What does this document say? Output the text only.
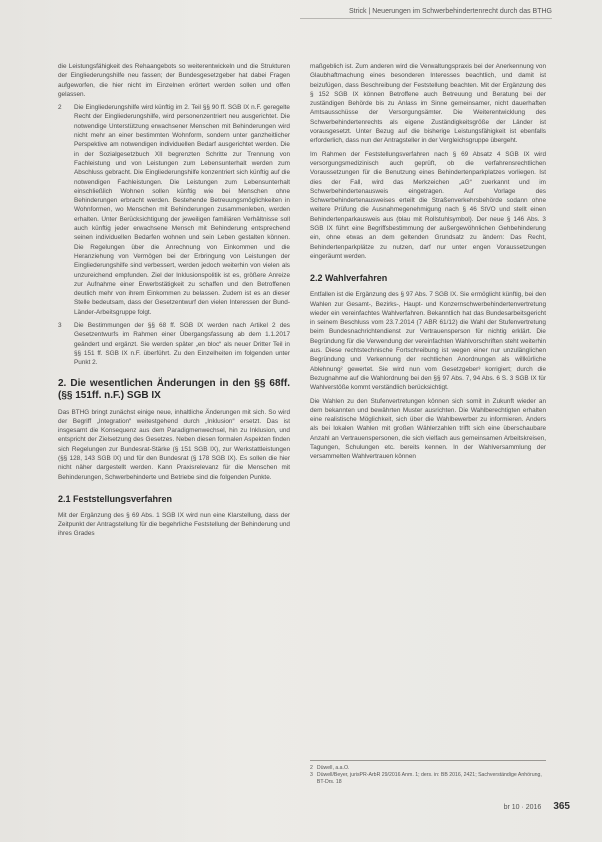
Strick | Neuerungen im Schwerbehindertenrecht durch das BTHG

die Leistungsfähigkeit des Rehaangebots so weiterentwickeln und die Strukturen der Eingliederungshilfe neu fassen; der Bundesgesetzgeber hat dabei Fragen aufgeworfen, die hier nicht im Einzelnen erörtert werden sollen und offen gelassen.

2	Die Eingliederungshilfe wird künftig im 2. Teil §§ 90 ff. SGB IX n.F. geregelte Recht der Eingliederungshilfe, wird personenzentriert neu ausgerichtet. Die notwendige Unterstützung erwachsener Menschen mit Behinderungen wird nicht mehr an einer bestimmten Wohnform, sondern unter ganzheitlicher Perspektive am notwendigen individuellen Bedarf ausgerichtet werden. Die in der Sozialgesetzbuch XII begrenzten Schritte zur Trennung von Fachleistung und von Leistungen zum Lebensunterhalt werden zum Abschluss gebracht. Die Eingliederungshilfe konzentriert sich künftig auf die notwendigen Fachleistungen. Die Leistungen zum Lebensunterhalt einschließlich Wohnen sollen künftig wie bei Menschen ohne Behinderungen erbracht werden. Bestehende Betreuungsmöglichkeiten in Wohnformen, wo Menschen mit Behinderungen zusammenleben, werden erhalten. Unter Berücksichtigung der jeweiligen familiären Verhältnisse soll auch künftig jeder erwachsene Mensch mit Behinderung entsprechend seinen individuellen Bedarfen wohnen und sein Leben gestalten können. Die Regelungen über die Anrechnung von Einkommen und die Heranziehung von Vermögen bei der Erbringung von Leistungen der Eingliederungshilfe sind verbessert, werden jedoch weiterhin von vielen als unzureichend empfunden. Ziel der Inklusionspolitik ist es, größere Anreize zur Aufnahme einer Erwerbstätigkeit zu schaffen und den Betroffenen deutlich mehr von ihrem Einkommen zu belassen. Zudem ist es an dieser Stelle bedeutsam, dass der Gesetzentwurf den vielen Interessen der Bund-Länder-Arbeitsgruppe folgt.
3	Die Bestimmungen der §§ 68 ff. SGB IX werden nach Artikel 2 des Gesetzentwurfs im Rahmen einer Übergangsfassung ab dem 1.1.2017 geändert und ergänzt. Sie werden später „en bloc“ als neuer Dritter Teil in §§ 151 ff. SGB IX n.F. überführt. Zu den Einzelheiten im folgenden unter Punkt 2.
2. Die wesentlichen Änderungen in den §§ 68ff. (§§ 151ff. n.F.) SGB IX

Das BTHG bringt zunächst einige neue, inhaltliche Änderungen mit sich. So wird der Begriff „Integration“ weitestgehend durch „Inklusion“ ersetzt. Das ist insgesamt die Konsequenz aus dem Paradigmenwechsel, hin zu Inklusion, und entspricht der Zielsetzung des Gesetzes. Neben diesen formalen Aspekten finden sich Regelungen zur Bundesrat-Stärke (§ 151 SGB IX), zur Werkstattleistungen (§§ 128, 143 SGB IX) und für den Bundesrat (§ 178 SGB IX). Es sollen die hier nicht näher dargestellt werden. Kann Praxisrelevanz für die Menschen mit Behinderungen, Schwerbehinderte und Betriebe sind die folgenden Punkte.

2.1 Feststellungsverfahren

Mit der Ergänzung des § 69 Abs. 1 SGB IX wird nun eine Klarstellung, dass der Zeitpunkt der Antragstellung für die begehrliche Feststellung der Behinderung und ihres Grades

maßgeblich ist. Zum anderen wird die Verwaltungspraxis bei der Anerkennung von Glaubhaftmachung eines besonderen Interesses beachtlich, und damit ist beizufügen, dass Beschreibung der Feststellung beachten. Mit der Ergänzung des § 152 SGB IX können Betroffene auch Betreuung und Beratung bei der zuständigen Behörde bis zu Anlass im Sinne gemeinsamer, nicht dauerhaften Amtsausschüsse der Versorgungsämter. Die Weiterentwicklung des Schwerbehindertenrechts als eigene Zuständigkeitsgröße der Länder ist vorausgesetzt. Unter Bezug auf die bisherige Leistungsfähigkeit ist ebenfalls erforderlich, dass nun der Antragsteller in der Vergleichsgruppe übergeht.

Im Rahmen der Feststellungsverfahren nach § 69 Absatz 4 SGB IX wird versorgungsmedizinisch auch geprüft, ob die verfahrensrechtlichen Voraussetzungen für die Benutzung eines Behindertenparkplatzes vorliegen. Ist dies der Fall, wird das Merkzeichen „aG“ zuerkannt und im Schwerbehindertenausweis eingetragen. Auf Vorlage des Schwerbehindertenausweises erteilt die Straßenverkehrsbehörde sodann ohne weitere Prüfung die Ausnahmegenehmigung nach § 46 StVO und stellt einen Behindertenparkausweis aus (blau mit Rollstuhlsymbol). Der neue § 146 Abs. 3 SGB IX führt eine Begriffsbestimmung der außergewöhnlichen Gehbehinderung ein, ohne etwas an dem geltenden Grundsatz zu ändern: Das Recht, Behindertenparkplätze zu nutzen, darf nur unter engen Voraussetzungen eingeräumt werden.

2.2 Wahlverfahren

Entfallen ist die Ergänzung des § 97 Abs. 7 SGB IX. Sie ermöglicht künftig, bei den Wahlen zur Gesamt-, Bezirks-, Haupt- und Konzernschwerbehindertenvertretung wieder ein vereinfachtes Wahlverfahren. Bekanntlich hat das Bundesarbeitsgericht in seinem Beschluss vom 23.7.2014 (7 ABR 61/12) die Wahl der Stufenvertretung beim Bundesnachrichtendienst zur Vertrauensperson für nichtig erklärt. Die Begründung für die Verwendung der vereinfachten Wahlvorschriften steht weiterhin aus. Diese rechtstechnische Fortschreibung ist wegen einer nur unzulänglichen Begründung und Verkennung der rechtlichen Anordnungen als willkürliche Ablehnung² gewertet. Sie wird nun vom Gesetzgeber³ korrigiert; durch die Bezugnahme auf die Wahlordnung bei den §§ 97 Abs. 7, 94 Abs. 6 S. 3 SGB IX für Wahlverstöße kommt verständlich berücksichtigt.

Die Wahlen zu den Stufenvertretungen können sich somit in Zukunft wieder an dem bekannten und bewährten Muster ausrichten. Die Wahlberechtigten erhalten eine realistische Möglichkeit, sich über die Wahlbewerber zu informieren. Anders als bei lokalen Wahlen mit großen Wählerzahlen trifft sich eine überschaubare Anzahl an Vertrauenspersonen, die sich vielfach aus gemeinsamen Arbeitskreisen, Tagungen, Schulungen etc. bereits kennen. In der Wahlversammlung der versammelten Wahlvertrauen können

2 Düwell, a.a.O.
3 Düwell/Beyer, jurisPR-ArbR 29/2016 Anm. 1; ders. in: BB 2016, 2421; Sachverständige Anhörung, BT-Drs. 18
br 10 · 2016 365
